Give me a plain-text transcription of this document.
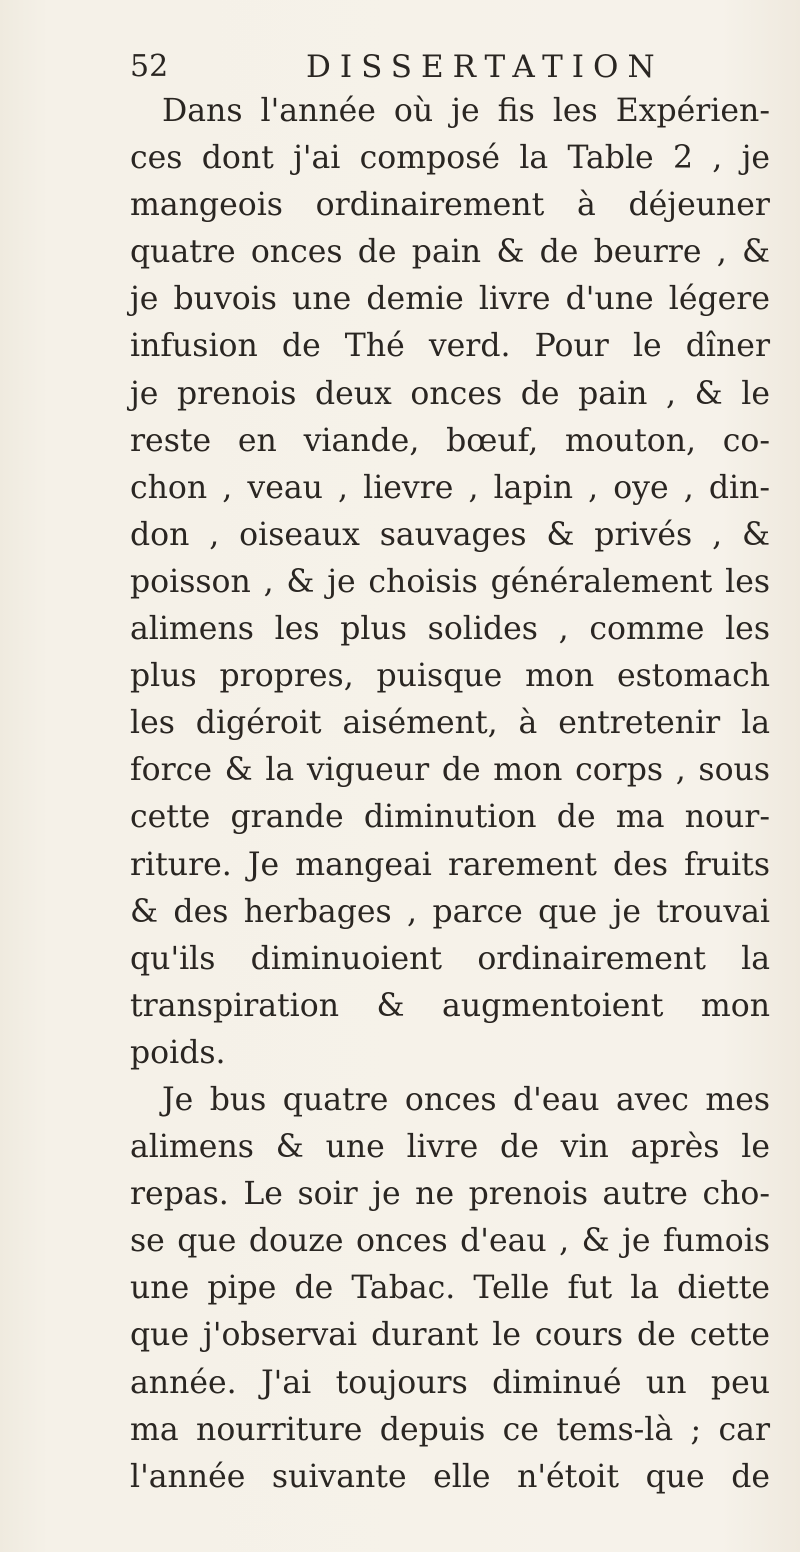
52	DISSERTATION
Dans l'année où je fis les Expérien-
ces dont j'ai composé la Table 2 , je
mangeois ordinairement à déjeuner
quatre onces de pain & de beurre , &
je buvois une demie livre d'une légere
infusion de Thé verd. Pour le dîner
je prenois deux onces de pain , & le
reste en viande, bœuf, mouton, co-
chon , veau , lievre , lapin , oye , din-
don , oiseaux sauvages & privés , &
poisson , & je choisis généralement les
alimens les plus solides , comme les
plus propres, puisque mon estomach
les digéroit aisément, à entretenir la
force & la vigueur de mon corps , sous
cette grande diminution de ma nour-
riture. Je mangeai rarement des fruits
& des herbages , parce que je trouvai
qu'ils diminuoient ordinairement la
transpiration & augmentoient mon
poids.
Je bus quatre onces d'eau avec mes
alimens & une livre de vin après le
repas. Le soir je ne prenois autre cho-
se que douze onces d'eau , & je fumois
une pipe de Tabac. Telle fut la diette
que j'observai durant le cours de cette
année. J'ai toujours diminué un peu
ma nourriture depuis ce tems-là ; car
l'année suivante elle n'étoit que de
